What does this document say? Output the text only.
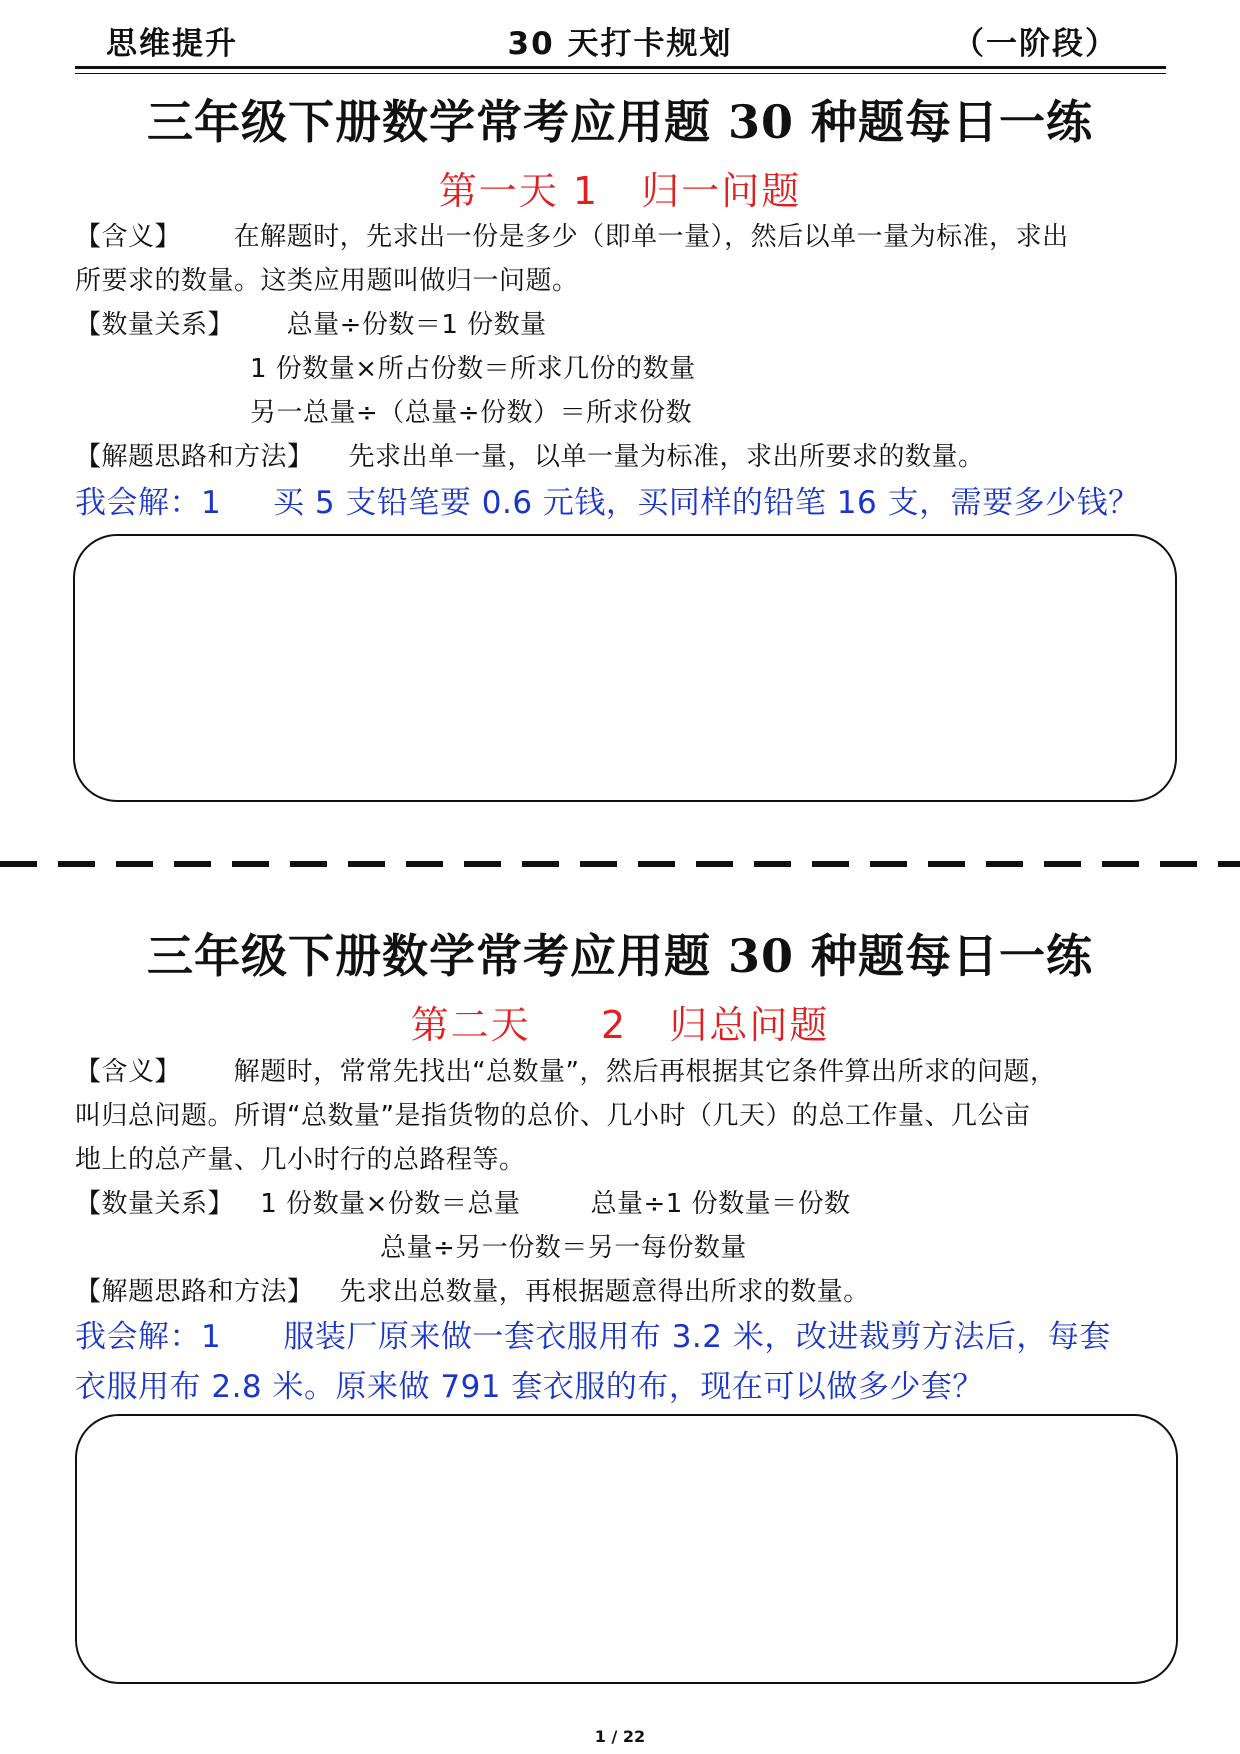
思维提升	30 天打卡规划	（一阶段）
三年级下册数学常考应用题 30 种题每日一练
第一天 1   归一问题
【含义】      在解题时，先求出一份是多少（即单一量），然后以单一量为标准，求出
所要求的数量。这类应用题叫做归一问题。
【数量关系】      总量÷份数＝1 份数量
1 份数量×所占份数＝所求几份的数量
另一总量÷（总量÷份数）＝所求份数
【解题思路和方法】    先求出单一量，以单一量为标准，求出所要求的数量。
我会解：1     买 5 支铅笔要 0.6 元钱，买同样的铅笔 16 支，需要多少钱？
三年级下册数学常考应用题 30 种题每日一练
第二天     2   归总问题
【含义】      解题时，常常先找出“总数量”，然后再根据其它条件算出所求的问题，
叫归总问题。所谓“总数量”是指货物的总价、几小时（几天）的总工作量、几公亩
地上的总产量、几小时行的总路程等。
【数量关系】   1 份数量×份数＝总量        总量÷1 份数量＝份数
总量÷另一份数＝另一每份数量
【解题思路和方法】   先求出总数量，再根据题意得出所求的数量。
我会解：1      服装厂原来做一套衣服用布 3.2 米，改进裁剪方法后，每套
衣服用布 2.8 米。原来做 791 套衣服的布，现在可以做多少套？
1 / 22
